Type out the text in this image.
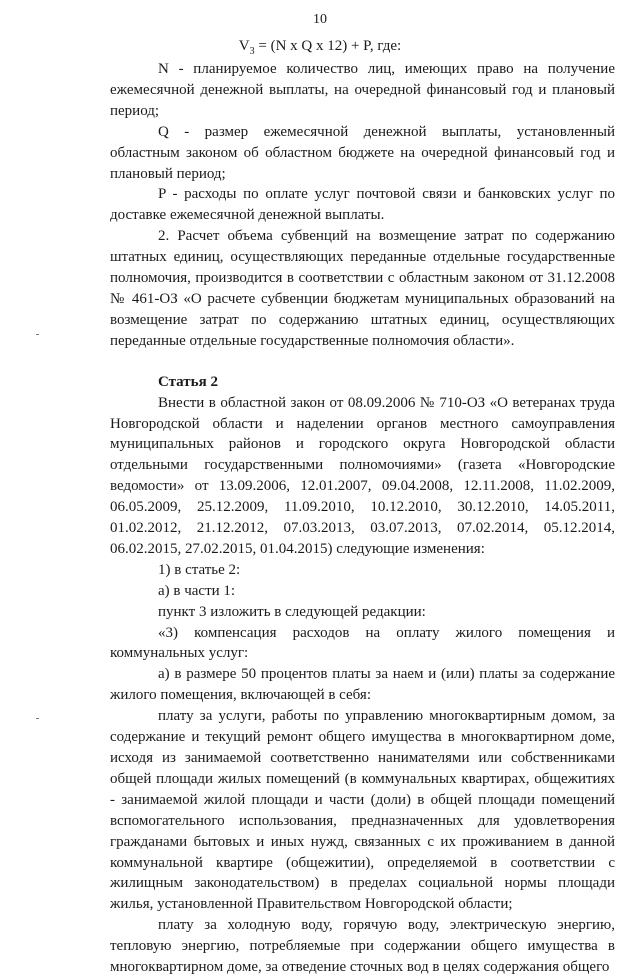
10
$V_3 = (N$ x Q x 12) + P, где:

N - планируемое количество лиц, имеющих право на получение ежемесячной денежной выплаты, на очередной финансовый год и плановый период;

Q - размер ежемесячной денежной выплаты, установленный областным законом об областном бюджете на очередной финансовый год и плановый период;

P - расходы по оплате услуг почтовой связи и банковских услуг по доставке ежемесячной денежной выплаты.

2. Расчет объема субвенций на возмещение затрат по содержанию штатных единиц, осуществляющих переданные отдельные государственные полномочия, производится в соответствии с областным законом от 31.12.2008 № 461-ОЗ «О расчете субвенции бюджетам муниципальных образований на возмещение затрат по содержанию штатных единиц, осуществляющих переданные отдельные государственные полномочия области».

Статья 2

Внести в областной закон от 08.09.2006 № 710-ОЗ «О ветеранах труда Новгородской области и наделении органов местного самоуправления муниципальных районов и городского округа Новгородской области отдельными государственными полномочиями» (газета «Новгородские ведомости» от 13.09.2006, 12.01.2007, 09.04.2008, 12.11.2008, 11.02.2009, 06.05.2009, 25.12.2009, 11.09.2010, 10.12.2010, 30.12.2010, 14.05.2011, 01.02.2012, 21.12.2012, 07.03.2013, 03.07.2013, 07.02.2014, 05.12.2014, 06.02.2015, 27.02.2015, 01.04.2015) следующие изменения:

1) в статье 2:

а) в части 1:

пункт 3 изложить в следующей редакции:

«3) компенсация расходов на оплату жилого помещения и коммунальных услуг:

а) в размере 50 процентов платы за наем и (или) платы за содержание жилого помещения, включающей в себя:

плату за услуги, работы по управлению многоквартирным домом, за содержание и текущий ремонт общего имущества в многоквартирном доме, исходя из занимаемой соответственно нанимателями или собственниками общей площади жилых помещений (в коммунальных квартирах, общежитиях - занимаемой жилой площади и части (доли) в общей площади помещений вспомогательного использования, предназначенных для удовлетворения гражданами бытовых и иных нужд, связанных с их проживанием в данной коммунальной квартире (общежитии), определяемой в соответствии с жилищным законодательством) в пределах социальной нормы площади жилья, установленной Правительством Новгородской области;

плату за холодную воду, горячую воду, электрическую энергию, тепловую энергию, потребляемые при содержании общего имущества в многоквартирном доме, за отведение сточных вод в целях содержания общего
